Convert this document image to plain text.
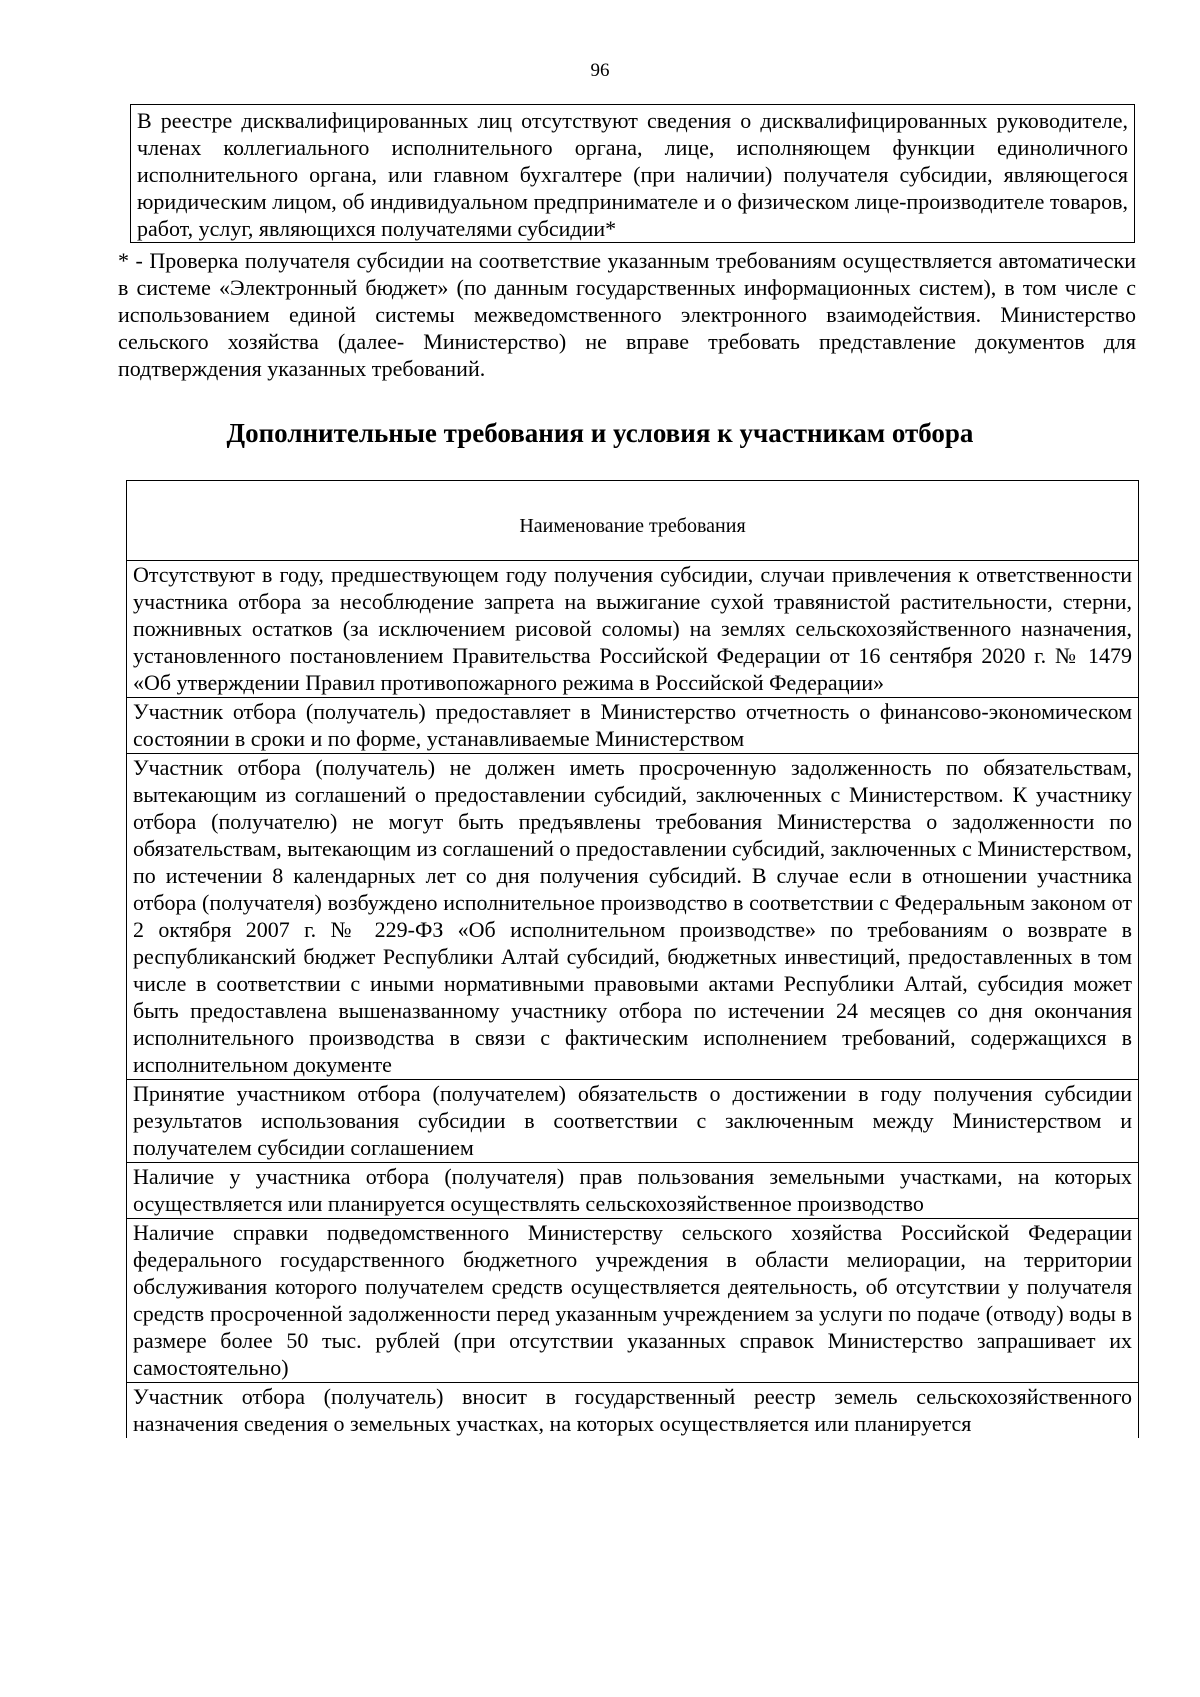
96

В реестре дисквалифицированных лиц отсутствуют сведения о дисквалифицированных руководителе, членах коллегиального исполнительного органа, лице, исполняющем функции единоличного исполнительного органа, или главном бухгалтере (при наличии) получателя субсидии, являющегося юридическим лицом, об индивидуальном предпринимателе и о физическом лице-производителе товаров, работ, услуг, являющихся получателями субсидии*

* - Проверка получателя субсидии на соответствие указанным требованиям осуществляется автоматически в системе «Электронный бюджет» (по данным государственных информационных систем), в том числе с использованием единой системы межведомственного электронного взаимодействия. Министерство сельского хозяйства (далее- Министерство) не вправе требовать представление документов для подтверждения указанных требований.

Дополнительные требования и условия к участникам отбора
Наименование требования

Отсутствуют в году, предшествующем году получения субсидии, случаи привлечения к ответственности участника отбора за несоблюдение запрета на выжигание сухой травянистой растительности, стерни, пожнивных остатков (за исключением рисовой соломы) на землях сельскохозяйственного назначения, установленного постановлением Правительства Российской Федерации от 16 сентября 2020 г. № 1479 «Об утверждении Правил противопожарного режима в Российской Федерации»

Участник отбора (получатель) предоставляет в Министерство отчетность о финансово-экономическом состоянии в сроки и по форме, устанавливаемые Министерством

Участник отбора (получатель) не должен иметь просроченную задолженность по обязательствам, вытекающим из соглашений о предоставлении субсидий, заключенных с Министерством. К участнику отбора (получателю) не могут быть предъявлены требования Министерства о задолженности по обязательствам, вытекающим из соглашений о предоставлении субсидий, заключенных с Министерством, по истечении 8 календарных лет со дня получения субсидий. В случае если в отношении участника отбора (получателя) возбуждено исполнительное производство в соответствии с Федеральным законом от 2 октября 2007 г. № 229-ФЗ «Об исполнительном производстве» по требованиям о возврате в республиканский бюджет Республики Алтай субсидий, бюджетных инвестиций, предоставленных в том числе в соответствии с иными нормативными правовыми актами Республики Алтай, субсидия может быть предоставлена вышеназванному участнику отбора по истечении 24 месяцев со дня окончания исполнительного производства в связи с фактическим исполнением требований, содержащихся в исполнительном документе

Принятие участником отбора (получателем) обязательств о достижении в году получения субсидии результатов использования субсидии в соответствии с заключенным между Министерством и получателем субсидии соглашением

Наличие у участника отбора (получателя) прав пользования земельными участками, на которых осуществляется или планируется осуществлять сельскохозяйственное производство

Наличие справки подведомственного Министерству сельского хозяйства Российской Федерации федерального государственного бюджетного учреждения в области мелиорации, на территории обслуживания которого получателем средств осуществляется деятельность, об отсутствии у получателя средств просроченной задолженности перед указанным учреждением за услуги по подаче (отводу) воды в размере более 50 тыс. рублей (при отсутствии указанных справок Министерство запрашивает их самостоятельно)

Участник отбора (получатель) вносит в государственный реестр земель сельскохозяйственного назначения сведения о земельных участках, на которых осуществляется или планируется
